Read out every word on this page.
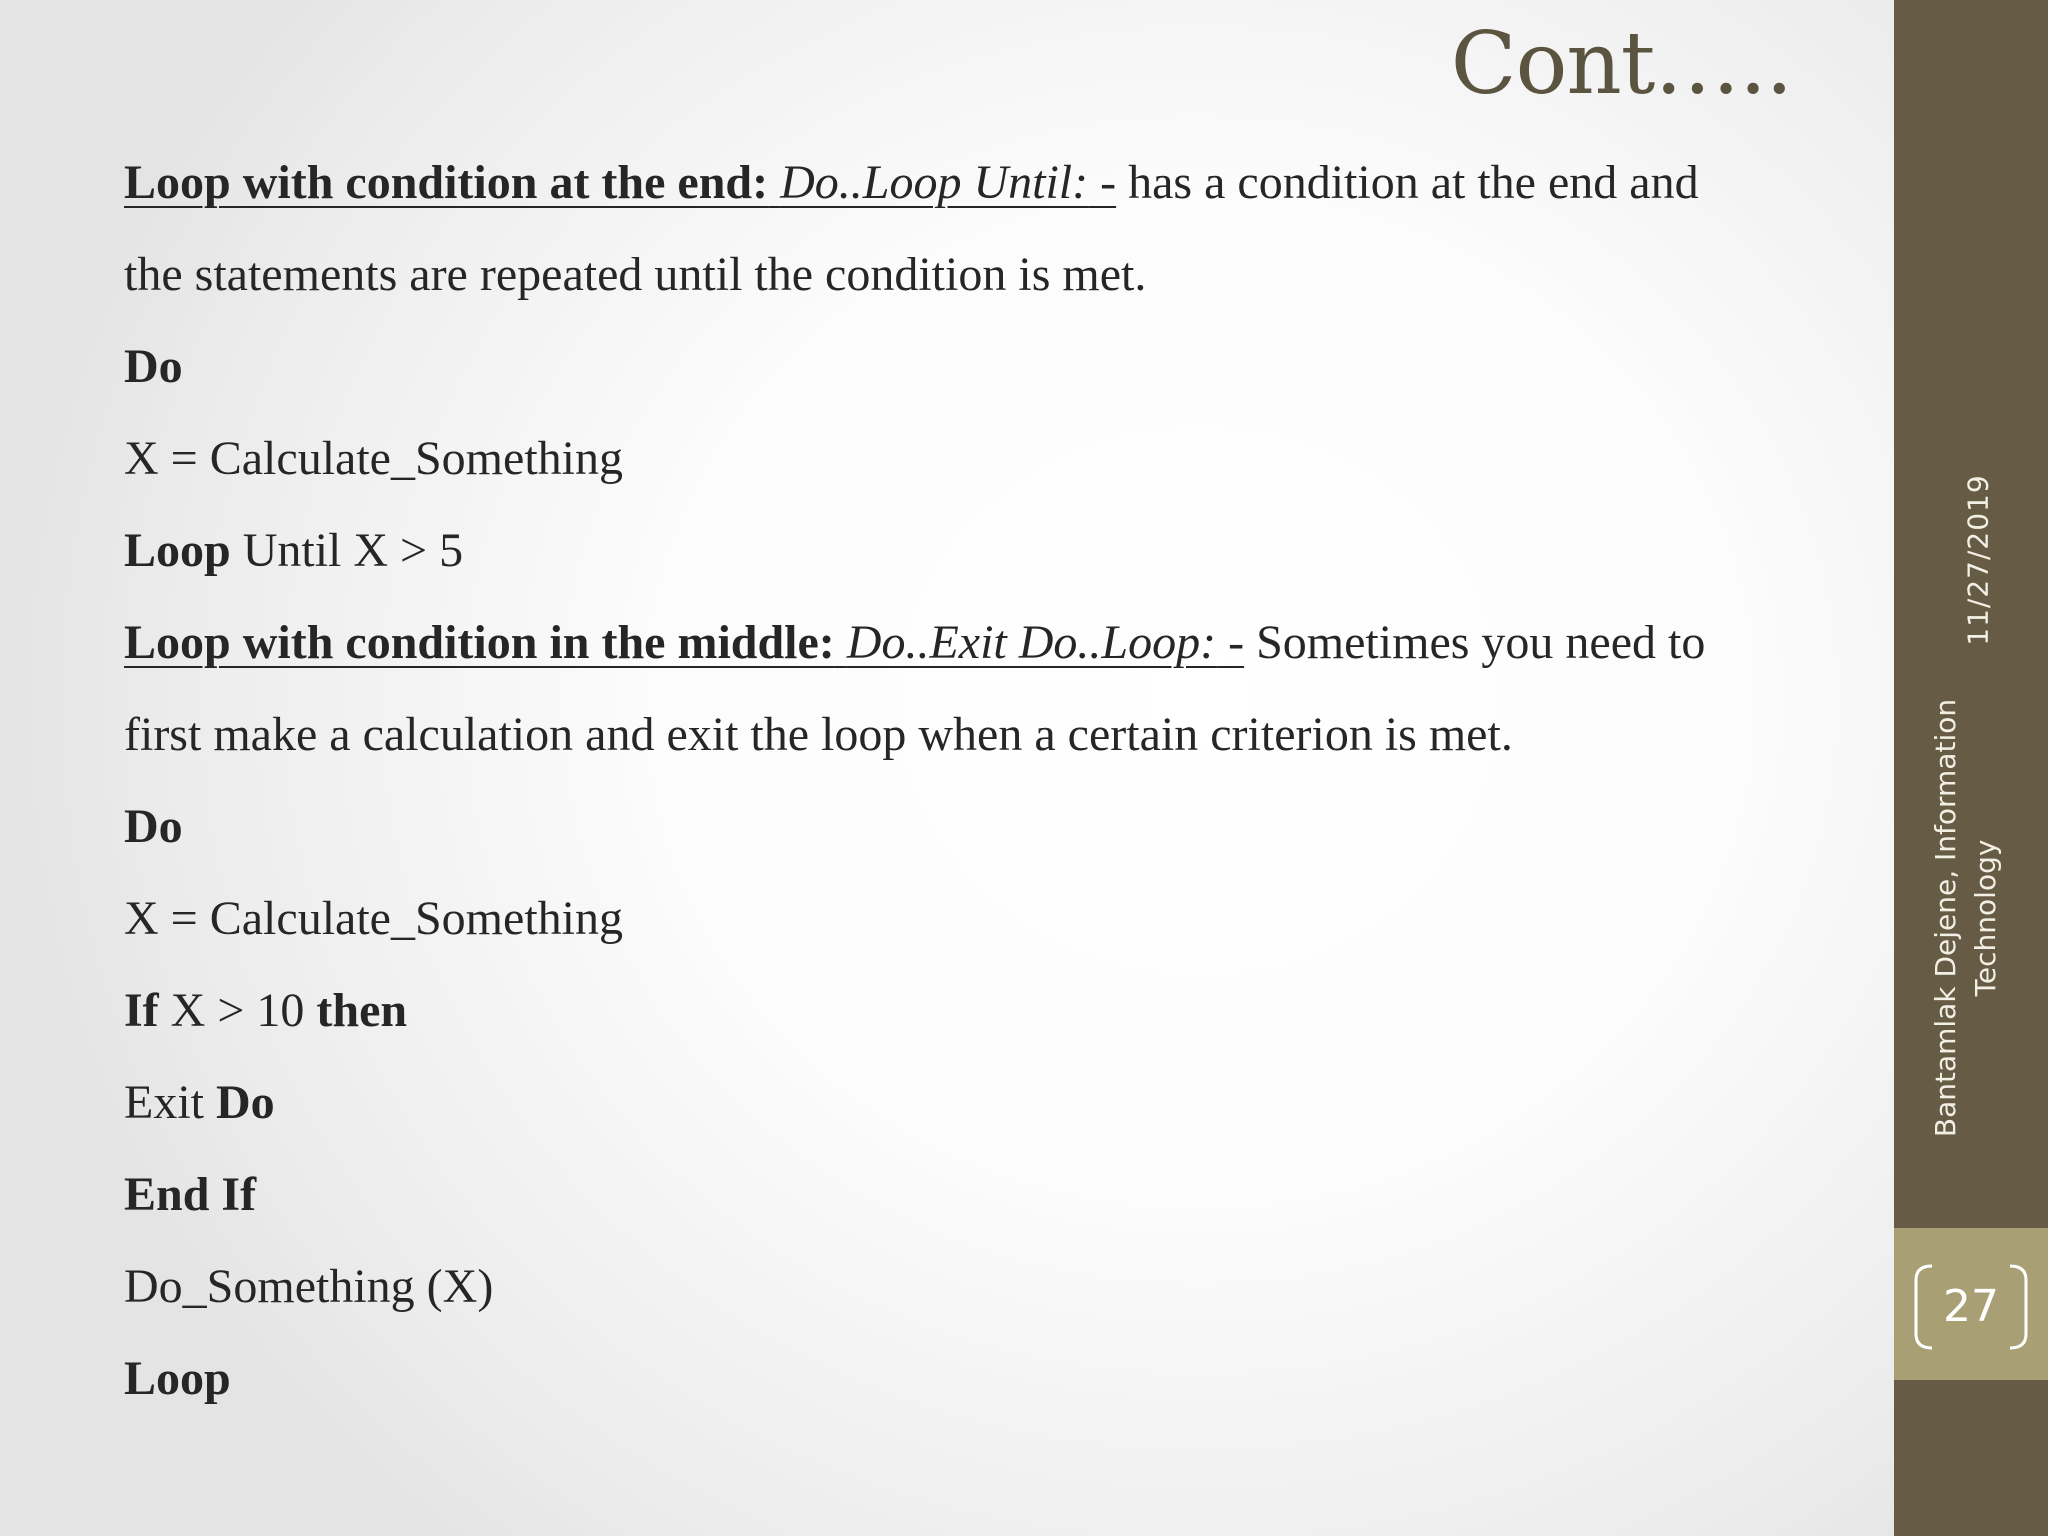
27
11/27/2019
Bantamlak Dejene, Information Technology
Cont…..
Loop with condition at the end: Do..Loop Until: - has a condition at the end and
the statements are repeated until the condition is met.
Do
X = Calculate_Something
Loop Until X > 5
Loop with condition in the middle: Do..Exit Do..Loop: - Sometimes you need to
first make a calculation and exit the loop when a certain criterion is met.
Do
X = Calculate_Something
If X > 10 then
Exit Do
End If
Do_Something (X)
Loop
